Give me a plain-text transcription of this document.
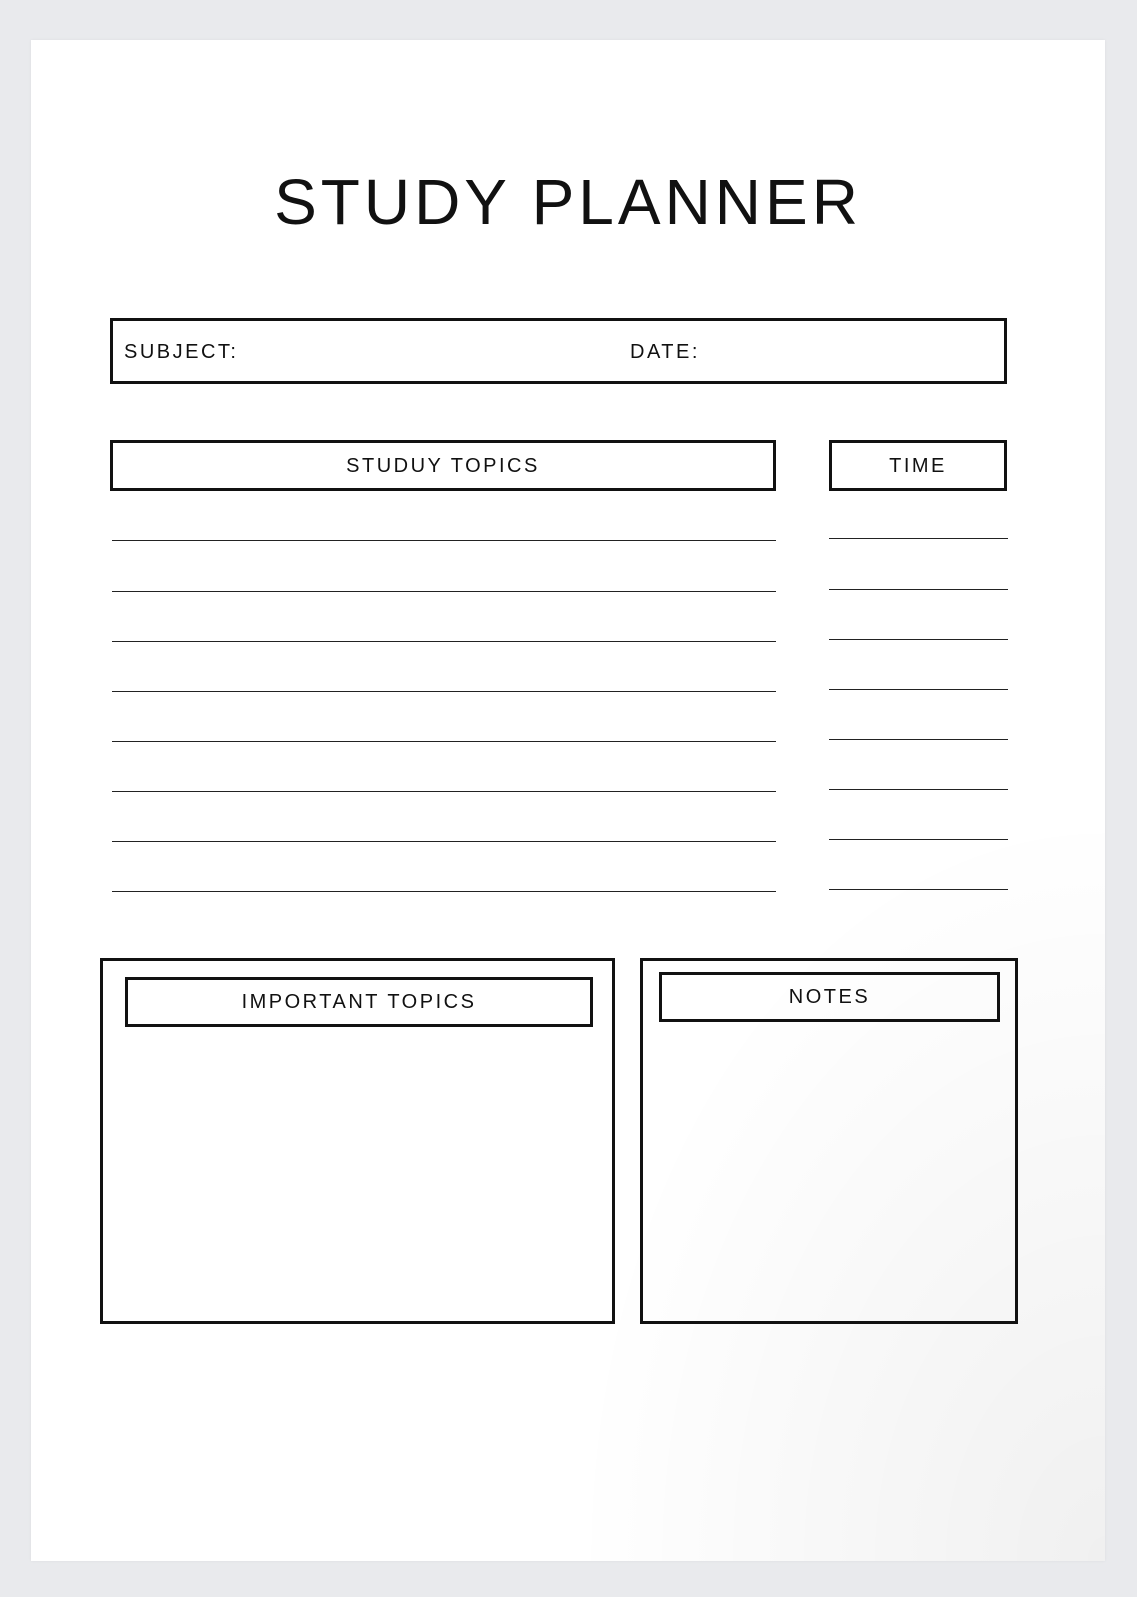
STUDY PLANNER
SUBJECT:	DATE:
STUDUY TOPICS	TIME
IMPORTANT TOPICS	NOTES
